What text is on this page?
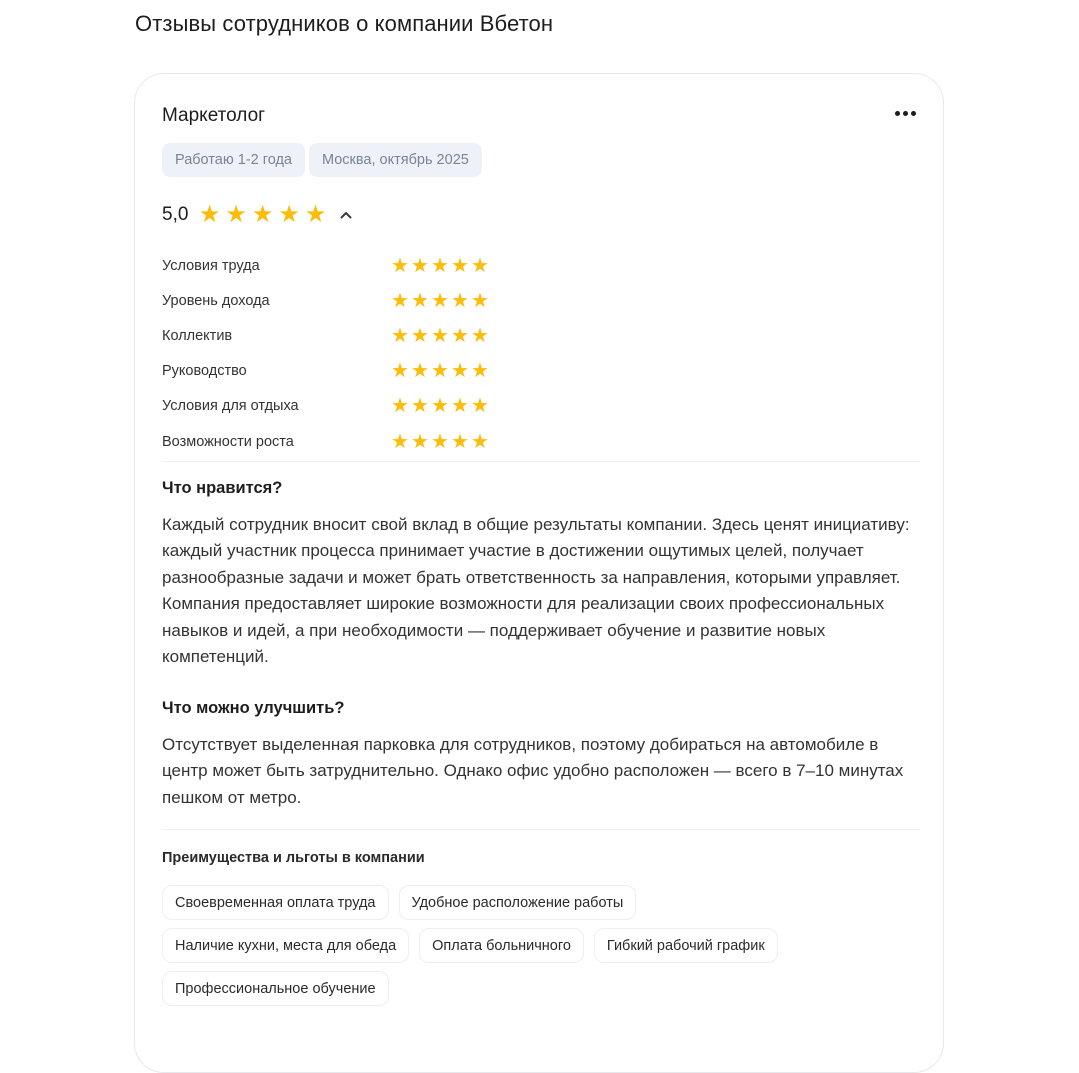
Отзывы сотрудников о компании Вбетон
Маркетолог
Работаю 1-2 года	Москва, октябрь 2025
5,0 ★ ★ ★ ★ ★
Условия труда	★ ★ ★ ★ ★
Уровень дохода	★ ★ ★ ★ ★
Коллектив	★ ★ ★ ★ ★
Руководство	★ ★ ★ ★ ★
Условия для отдыха	★ ★ ★ ★ ★
Возможности роста	★ ★ ★ ★ ★
Что нравится?
Каждый сотрудник вносит свой вклад в общие результаты компании. Здесь ценят инициативу: каждый участник процесса принимает участие в достижении ощутимых целей, получает разнообразные задачи и может брать ответственность за направления, которыми управляет. Компания предоставляет широкие возможности для реализации своих профессиональных навыков и идей, а при необходимости — поддерживает обучение и развитие новых компетенций.
Что можно улучшить?
Отсутствует выделенная парковка для сотрудников, поэтому добираться на автомобиле в центр может быть затруднительно. Однако офис удобно расположен — всего в 7–10 минутах пешком от метро.
Преимущества и льготы в компании
Своевременная оплата труда	Удобное расположение работы
Наличие кухни, места для обеда	Оплата больничного	Гибкий рабочий график
Профессиональное обучение
